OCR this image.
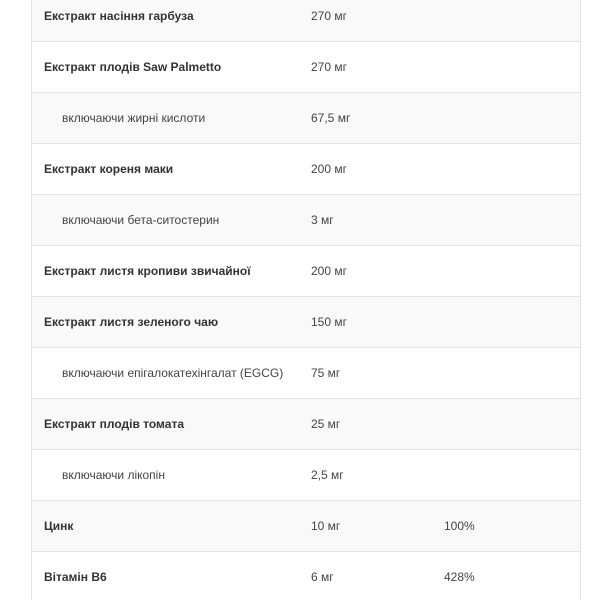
Екстракт насіння гарбуза	270 мг
Екстракт плодів Saw Palmetto	270 мг
включаючи жирні кислоти	67,5 мг
Екстракт кореня маки	200 мг
включаючи бета-ситостерин	3 мг
Екстракт листя кропиви звичайної	200 мг
Екстракт листя зеленого чаю	150 мг
включаючи епігалокатехінгалат (EGCG) 75 мг
Екстракт плодів томата	25 мг
включаючи лікопін	2,5 мг
Цинк	10 мг	100%
Вітамін B6	6 мг	428%
